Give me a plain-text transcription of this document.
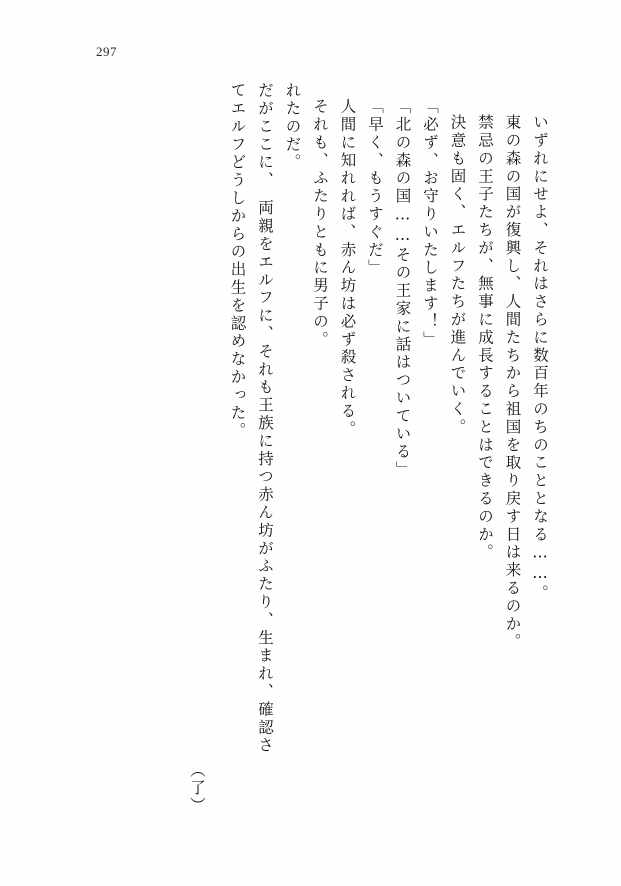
297
てエルフどうしからの出生を認めなかった。 だがここに、　両親をエルフに、それも王族に持つ赤ん坊がふたり、生まれ、確認さ れたのだ。 それも、ふたりともに男子の。 人間に知れれば、赤ん坊は必ず殺される。 「早く、もうすぐだ」 「北の森の国……その王家に話はついている」 「必ず、お守りいたします！」 決意も固く、エルフたちが進んでいく。 禁忌の王子たちが、無事に成長することはできるのか。 東の森の国が復興し、人間たちから祖国を取り戻す日は来るのか。 いずれにせよ、それはさらに数百年のちのこととなる……。
（了）
